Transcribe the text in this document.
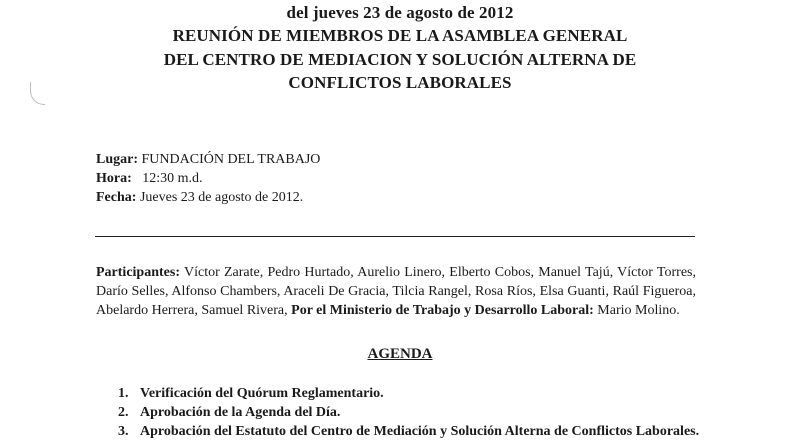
del jueves 23 de agosto de 2012
REUNIÓN DE MIEMBROS DE LA ASAMBLEA GENERAL
DEL CENTRO DE MEDIACION Y SOLUCIÓN ALTERNA DE
CONFLICTOS LABORALES
Lugar: FUNDACIÓN DEL TRABAJO
Hora: 12:30 m.d.
Fecha: Jueves 23 de agosto de 2012.
Participantes: Víctor Zarate, Pedro Hurtado, Aurelio Linero, Elberto Cobos, Manuel Tajú, Víctor Torres, Darío Selles, Alfonso Chambers, Araceli De Gracia, Tilcia Rangel, Rosa Ríos, Elsa Guanti, Raúl Figueroa, Abelardo Herrera, Samuel Rivera, Por el Ministerio de Trabajo y Desarrollo Laboral: Mario Molino.
AGENDA
1. Verificación del Quórum Reglamentario.
2. Aprobación de la Agenda del Día.
3. Aprobación del Estatuto del Centro de Mediación y Solución Alterna de Conflictos Laborales.
